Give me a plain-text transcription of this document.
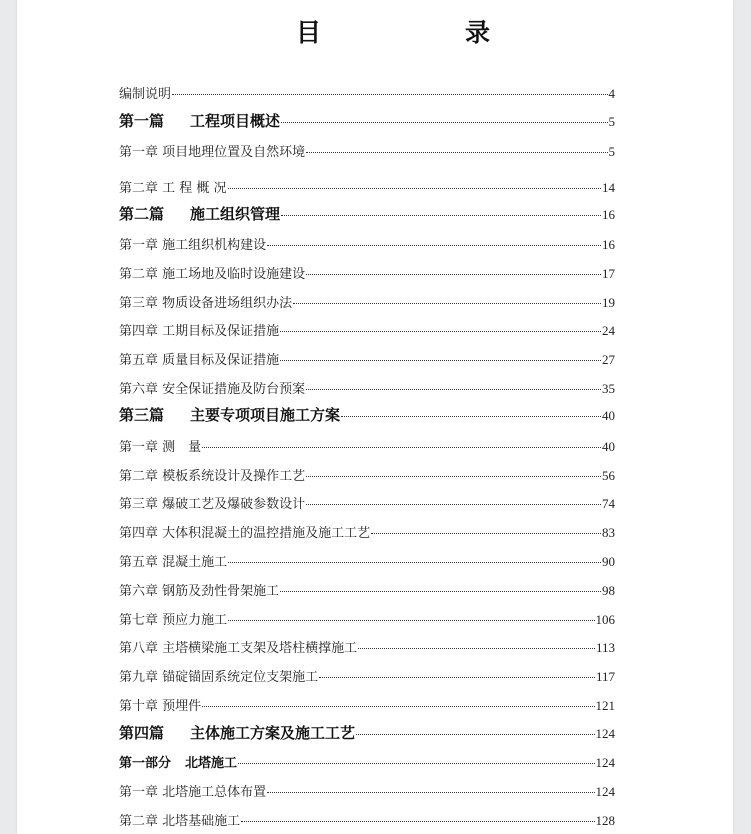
目	录
编制说明	4
第一篇 工程项目概述	5
第一章 项目地理位置及自然环境	5
第二章 工 程 概 况	14
第二篇 施工组织管理	16
第一章 施工组织机构建设	16
第二章 施工场地及临时设施建设	17
第三章 物质设备进场组织办法	19
第四章 工期目标及保证措施	24
第五章 质量目标及保证措施	27
第六章 安全保证措施及防台预案	35
第三篇 主要专项项目施工方案	40
第一章 测　量	40
第二章 模板系统设计及操作工艺	56
第三章 爆破工艺及爆破参数设计	74
第四章 大体积混凝土的温控措施及施工工艺	83
第五章 混凝土施工	90
第六章 钢筋及劲性骨架施工	98
第七章 预应力施工	106
第八章 主塔横梁施工支架及塔柱横撑施工	113
第九章 锚碇锚固系统定位支架施工	117
第十章 预埋件	121
第四篇 主体施工方案及施工工艺	124
第一部分 北塔施工	124
第一章 北塔施工总体布置	124
第二章 北塔基础施工	128
